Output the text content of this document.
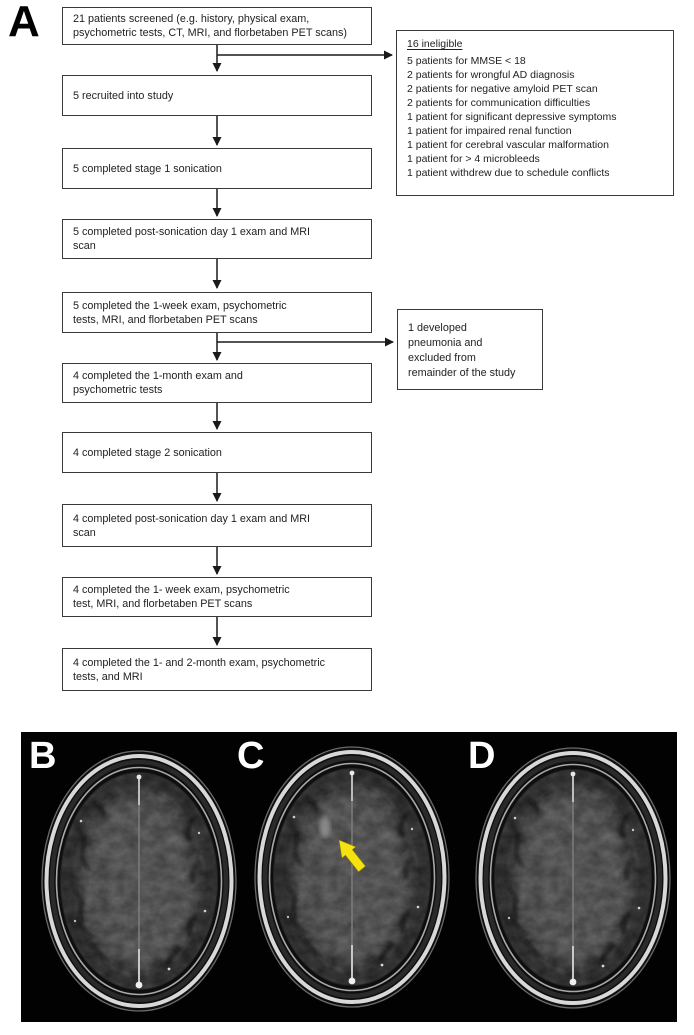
A	21 patients screened (e.g. history, physical exam,
psychometric tests, CT, MRI, and florbetaben PET scans)
5 recruited into study
5 completed stage 1 sonication
5 completed post-sonication day 1 exam and MRI
scan
5 completed the 1-week exam, psychometric
tests, MRI, and florbetaben PET scans
4 completed the 1-month exam and
psychometric tests
4 completed stage 2 sonication
4 completed post-sonication day 1 exam and MRI
scan
4 completed the 1- week exam, psychometric
test, MRI, and florbetaben PET scans
4 completed the 1- and 2-month exam, psychometric
tests, and MRI
16 ineligible
5 patients for MMSE < 18
2 patients for wrongful AD diagnosis
2 patients for negative amyloid PET scan
2 patients for communication difficulties
1 patient for significant depressive symptoms
1 patient for impaired renal function
1 patient for cerebral vascular malformation
1 patient for > 4 microbleeds
1 patient withdrew due to schedule conflicts
1 developed
pneumonia and
excluded from
remainder of the study
B	C	D
